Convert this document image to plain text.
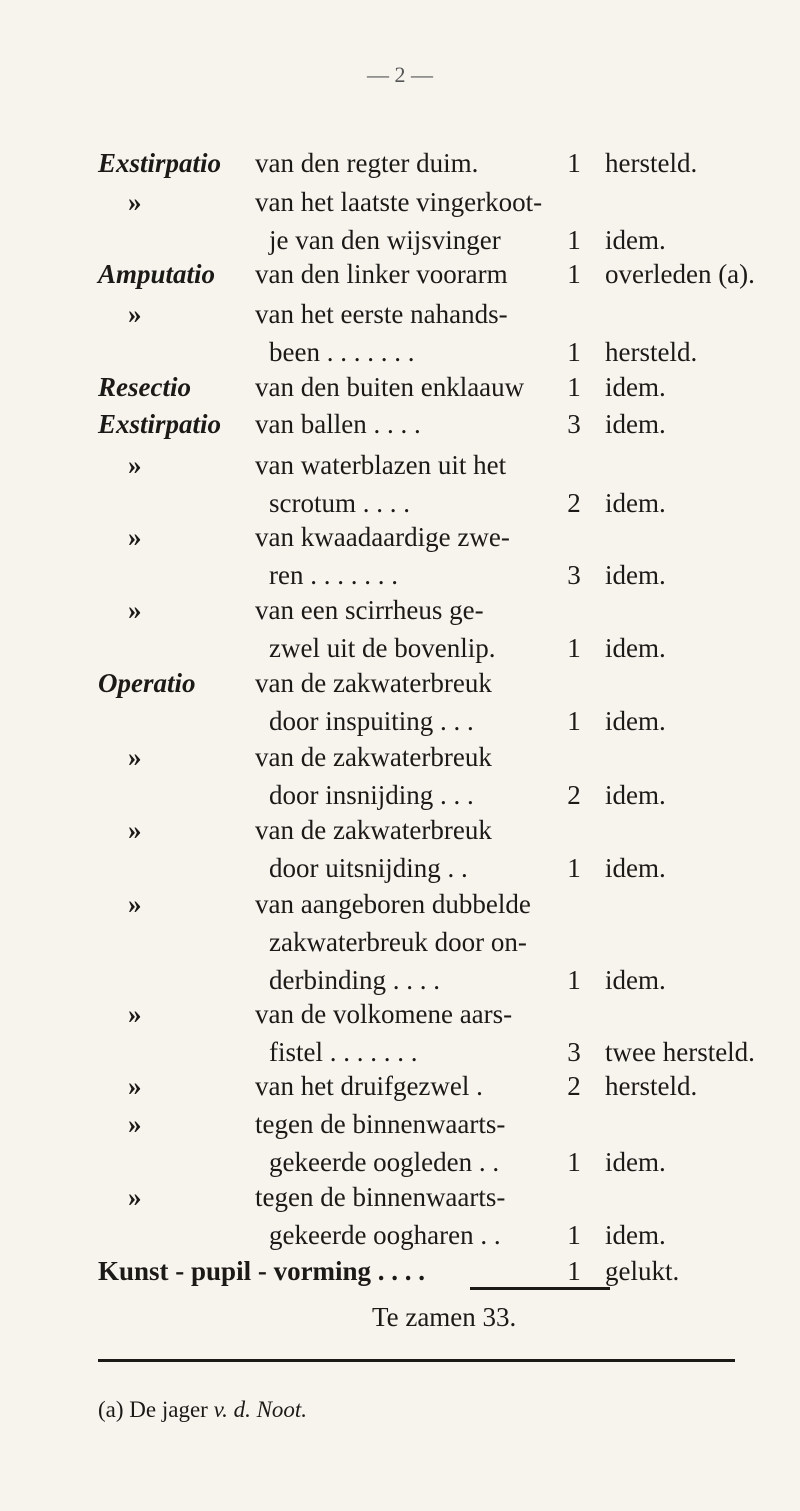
— 2 —
Exstirpatio van den regter duim.	1 hersteld.
»	van het laatste vingerkoot-
je van den wijsvinger	1 idem.
Amputatio van den linker voorarm 1 overleden (a).
»	van het eerste nahands-
been . . . . . . .	1 hersteld.
Resectio van den buiten enklaauw 1 idem.
Exstirpatio van ballen . . . .	3 idem.
»	van waterblazen uit het
scrotum . . . .	2 idem.
»	van kwaadaardige zwe-
ren . . . . . . .	3 idem.
»	van een scirrheus ge-
zwel uit de bovenlip.	1 idem.
Operatio van de zakwaterbreuk
door inspuiting . . .	1 idem.
»	van de zakwaterbreuk
door insnijding . . .	2 idem.
»	van de zakwaterbreuk
door uitsnijding . .	1 idem.
»	van aangeboren dubbelde
zakwaterbreuk door on-
derbinding . . . .	1 idem.
»	van de volkomene aars-
fistel . . . . . . .	3 twee hersteld.
»	van het druifgezwel .	2 hersteld.
»	tegen de binnenwaarts-
gekeerde oogleden . .	1 idem.
»	tegen de binnenwaarts-
gekeerde oogharen . . 1 idem.
Kunst - pupil - vorming . . . .	1 gelukt.
Te zamen 33.
(a) De jager v. d. Noot.
